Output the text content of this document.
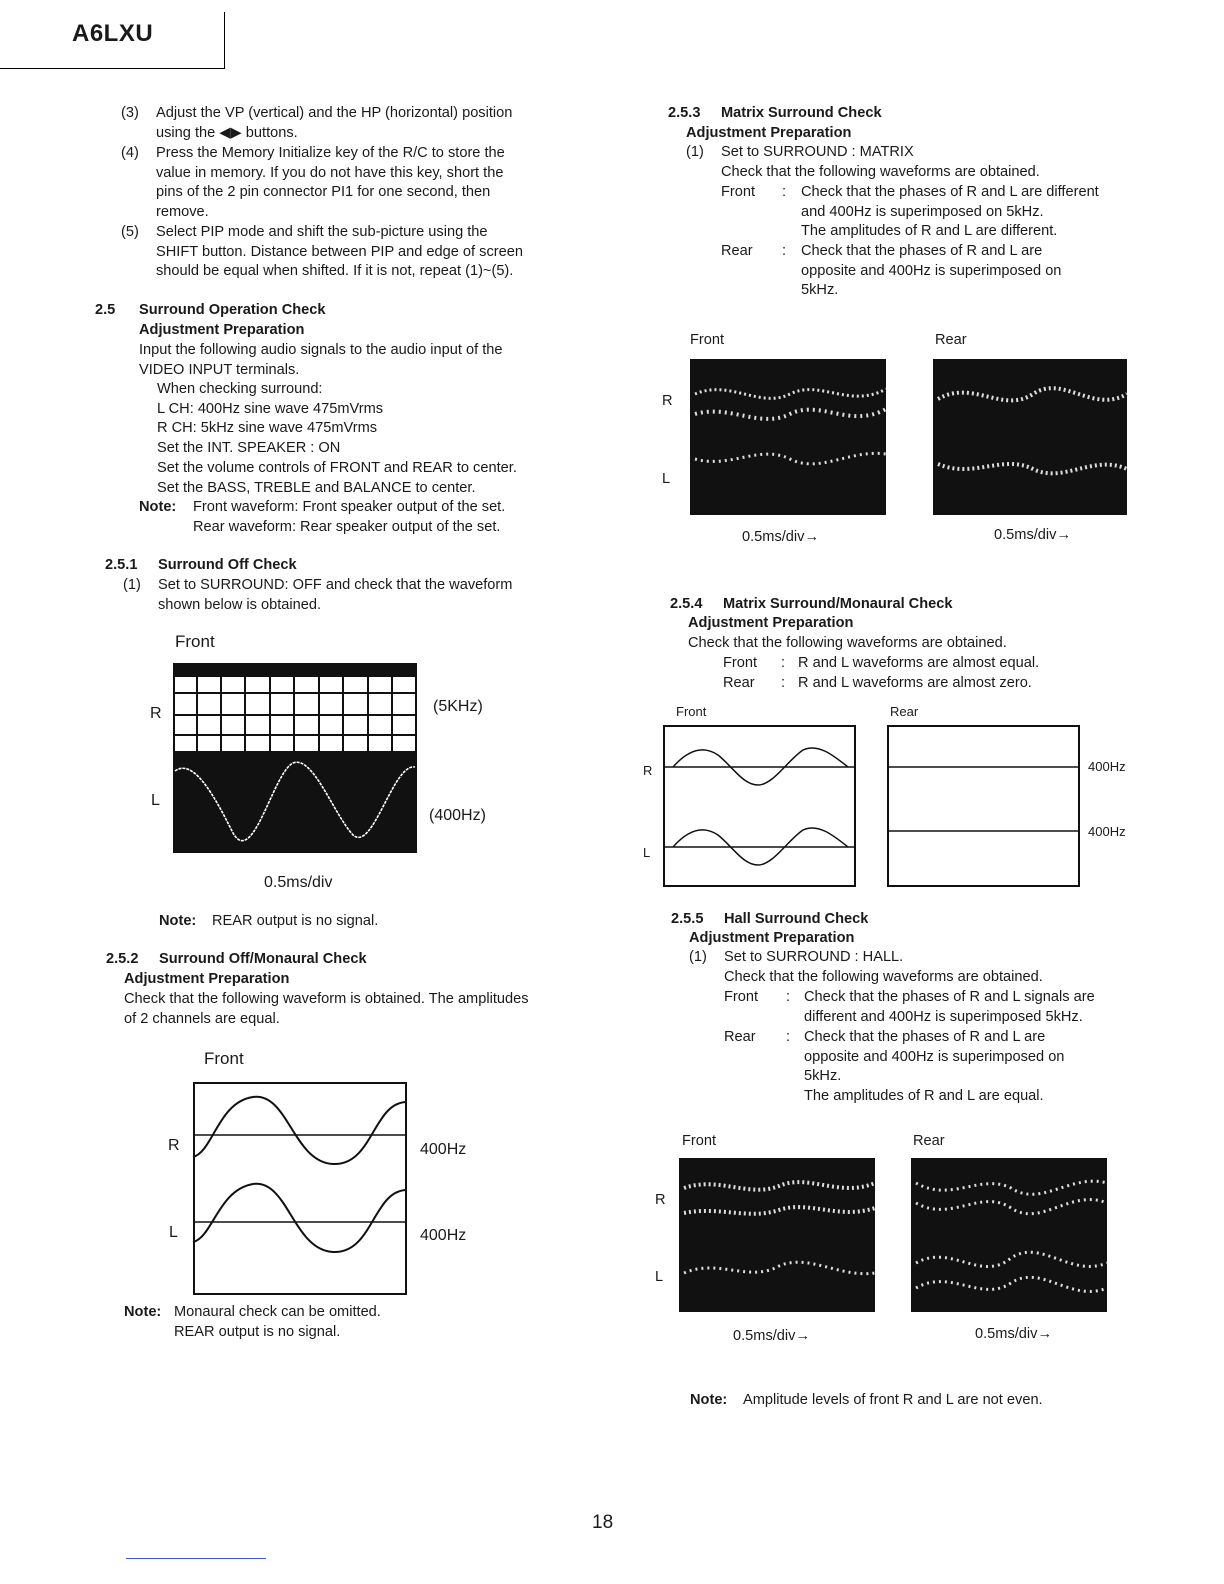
A6LXU
(3) Adjust the VP (vertical) and the HP (horizontal) position
using the ◀▶ buttons.
(4) Press the Memory Initialize key of the R/C to store the
value in memory. If you do not have this key, short the
pins of the 2 pin connector PI1 for one second, then
remove.
(5) Select PIP mode and shift the sub-picture using the
SHIFT button. Distance between PIP and edge of screen
should be equal when shifted. If it is not, repeat (1)~(5).
2.5 Surround Operation Check
Adjustment Preparation
Input the following audio signals to the audio input of the
VIDEO INPUT terminals.
When checking surround:
L CH: 400Hz sine wave 475mVrms
R CH: 5kHz sine wave 475mVrms
Set the INT. SPEAKER : ON
Set the volume controls of FRONT and REAR to center.
Set the BASS, TREBLE and BALANCE to center.
Note: Front waveform: Front speaker output of the set.
Rear waveform: Rear speaker output of the set.
2.5.1 Surround Off Check
(1) Set to SURROUND: OFF and check that the waveform
shown below is obtained.
Front
R
L
(5KHz)
(400Hz)
0.5ms/div
Note: REAR output is no signal.
2.5.2 Surround Off/Monaural Check
Adjustment Preparation
Check that the following waveform is obtained. The amplitudes
of 2 channels are equal.
Front
R
L
400Hz
400Hz
Note: Monaural check can be omitted.
REAR output is no signal.
2.5.3 Matrix Surround Check
Adjustment Preparation
(1) Set to SURROUND : MATRIX
Check that the following waveforms are obtained.
Front : Check that the phases of R and L are different
and 400Hz is superimposed on 5kHz.
The amplitudes of R and L are different.
Rear : Check that the phases of R and L are
opposite and 400Hz is superimposed on
5kHz.
Front	Rear
R
L
0.5ms/div→	0.5ms/div→
2.5.4 Matrix Surround/Monaural Check
Adjustment Preparation
Check that the following waveforms are obtained.
Front : R and L waveforms are almost equal.
Rear : R and L waveforms are almost zero.
Front	Rear
R
L
400Hz
400Hz
2.5.5 Hall Surround Check
Adjustment Preparation
(1) Set to SURROUND : HALL.
Check that the following waveforms are obtained.
Front : Check that the phases of R and L signals are
different and 400Hz is superimposed 5kHz.
Rear : Check that the phases of R and L are
opposite and 400Hz is superimposed on
5kHz.
The amplitudes of R and L are equal.
Front	Rear
R
L
0.5ms/div→	0.5ms/div→
Note: Amplitude levels of front R and L are not even.
18
